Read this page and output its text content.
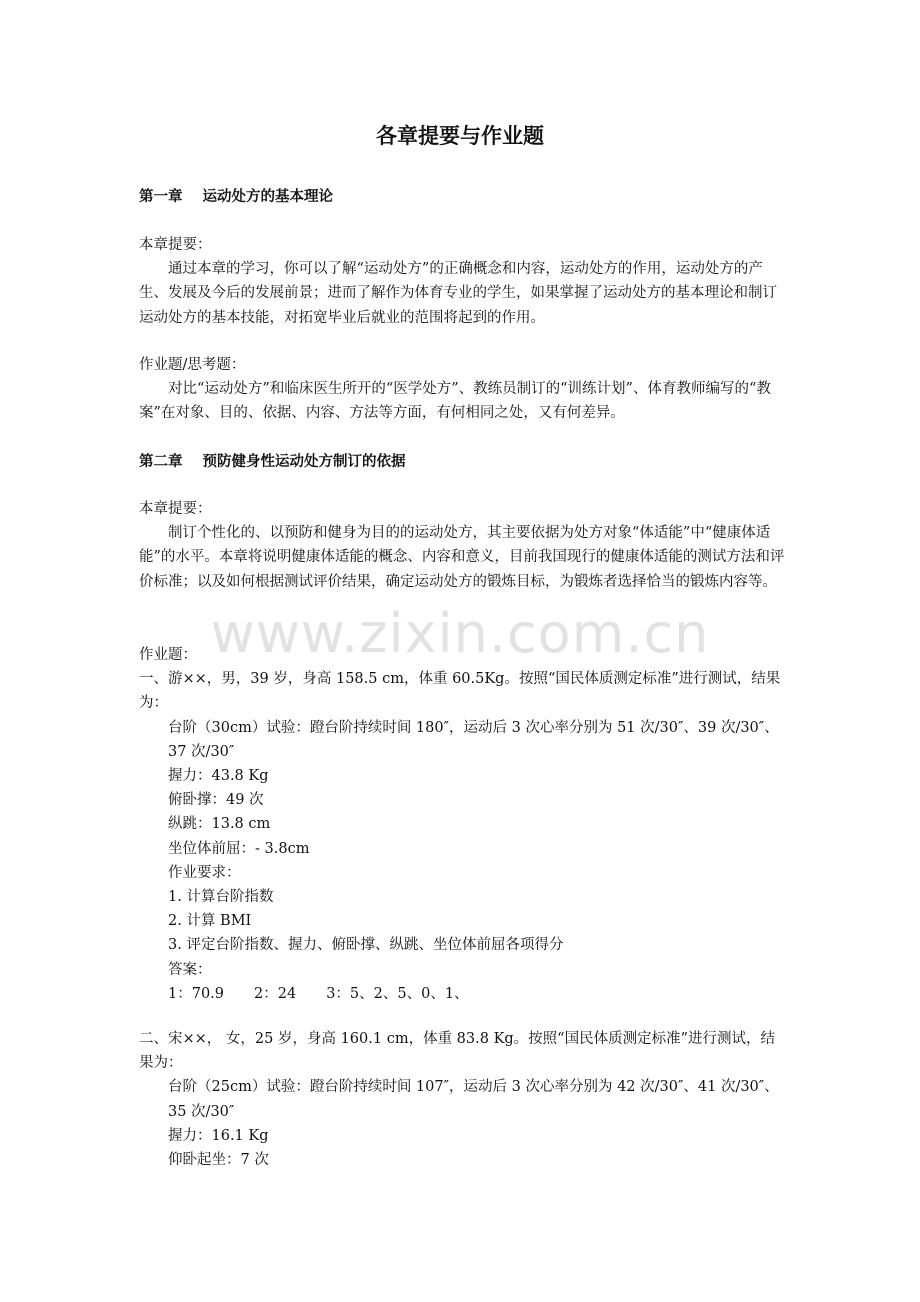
各章提要与作业题
第一章 运动处方的基本理论

本章提要：

通过本章的学习，你可以了解“运动处方”的正确概念和内容，运动处方的作用，运动处方的产生、发展及今后的发展前景；进而了解作为体育专业的学生，如果掌握了运动处方的基本理论和制订运动处方的基本技能，对拓宽毕业后就业的范围将起到的作用。

作业题/思考题：

对比“运动处方”和临床医生所开的“医学处方”、教练员制订的“训练计划”、体育教师编写的“教案”在对象、目的、依据、内容、方法等方面，有何相同之处，又有何差异。

第二章 预防健身性运动处方制订的依据

本章提要：

制订个性化的、以预防和健身为目的的运动处方，其主要依据为处方对象“体适能”中“健康体适能”的水平。本章将说明健康体适能的概念、内容和意义，目前我国现行的健康体适能的测试方法和评价标准；以及如何根据测试评价结果，确定运动处方的锻炼目标，为锻炼者选择恰当的锻炼内容等。

作业题：

一、游××，男，39 岁，身高 158.5 cm，体重 60.5Kg。按照“国民体质测定标准”进行测试，结果为：

台阶（30cm）试验：蹬台阶持续时间 180″，运动后 3 次心率分别为 51 次/30″、39 次/30″、37 次/30″

握力：43.8 Kg

俯卧撑：49 次

纵跳：13.8 cm

坐位体前屈：- 3.8cm

作业要求：

1. 计算台阶指数

2. 计算 BMI

3. 评定台阶指数、握力、俯卧撑、纵跳、坐位体前屈各项得分

答案：

1：70.9 2：24 3：5、2、5、0、1、

二、宋××， 女，25 岁，身高 160.1 cm，体重 83.8 Kg。按照“国民体质测定标准”进行测试，结果为：

台阶（25cm）试验：蹬台阶持续时间 107″，运动后 3 次心率分别为 42 次/30″、41 次/30″、35 次/30″

握力：16.1 Kg

仰卧起坐：7 次

www.zixin.com.cn
